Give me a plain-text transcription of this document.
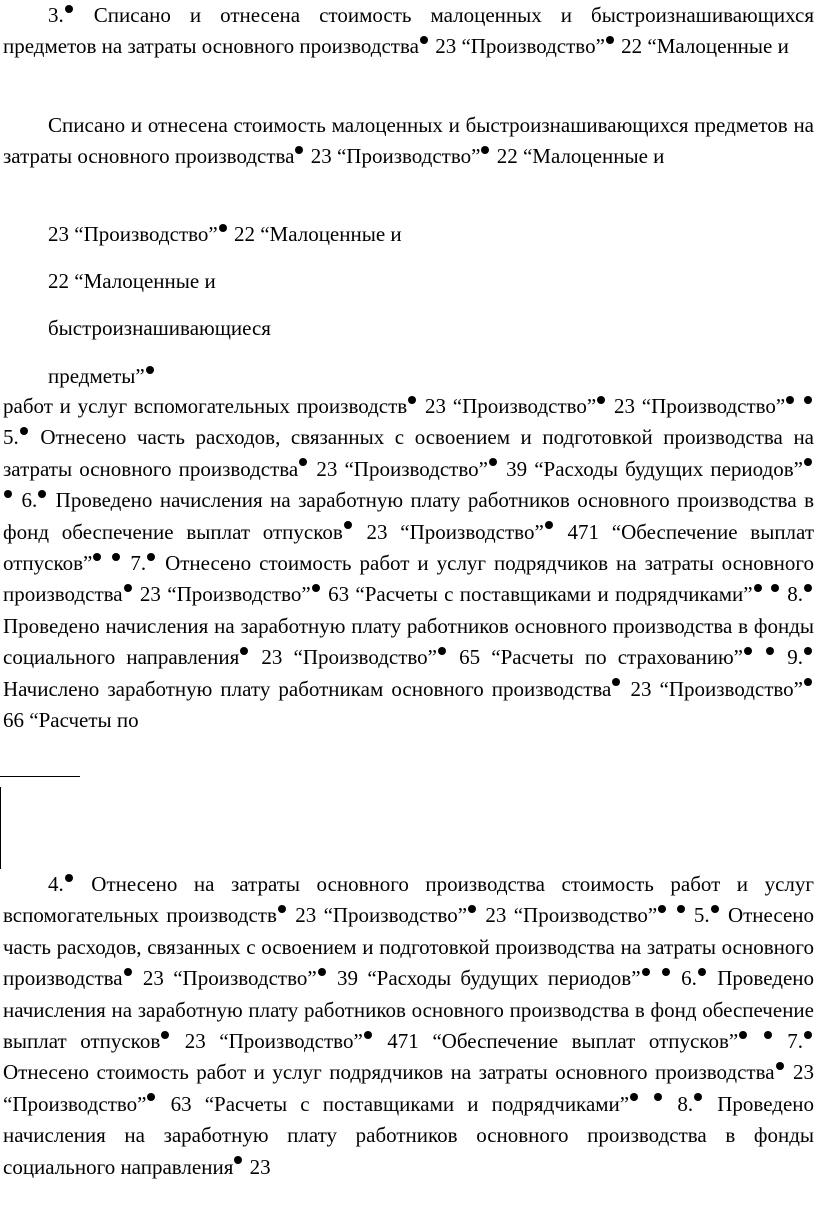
3. Списано и отнесена стоимость малоценных и быстроизнашивающихся предметов на затраты основного производства 23 “Производство” 22 “Малоценные и

Списано и отнесена стоимость малоценных и быстроизнашивающихся предметов на затраты основного производства 23 “Производство” 22 “Малоценные и

23 “Производство” 22 “Малоценные и

22 “Малоценные и

быстроизнашивающиеся

предметы”

работ и услуг вспомогательных производств 23 “Производство” 23 “Производство”  5. Отнесено часть расходов, связанных с освоением и подготовкой производства на затраты основного производства 23 “Производство” 39 “Расходы будущих периодов”  6. Проведено начисления на заработную плату работников основного производства в фонд обеспечение выплат отпусков 23 “Производство” 471 “Обеспечение выплат отпусков”  7. Отнесено стоимость работ и услуг подрядчиков на затраты основного производства 23 “Производство” 63 “Расчеты с поставщиками и подрядчиками”  8. Проведено начисления на заработную плату работников основного производства в фонды социального направления 23 “Производство” 65 “Расчеты по страхованию”  9. Начислено заработную плату работникам основного производства 23 “Производство” 66 “Расчеты по

4. Отнесено на затраты основного производства стоимость работ и услуг вспомогательных производств 23 “Производство” 23 “Производство”  5. Отнесено часть расходов, связанных с освоением и подготовкой производства на затраты основного производства 23 “Производство” 39 “Расходы будущих периодов”  6. Проведено начисления на заработную плату работников основного производства в фонд обеспечение выплат отпусков 23 “Производство” 471 “Обеспечение выплат отпусков”  7. Отнесено стоимость работ и услуг подрядчиков на затраты основного производства 23 “Производство” 63 “Расчеты с поставщиками и подрядчиками”  8. Проведено начисления на заработную плату работников основного производства в фонды социального направления 23
